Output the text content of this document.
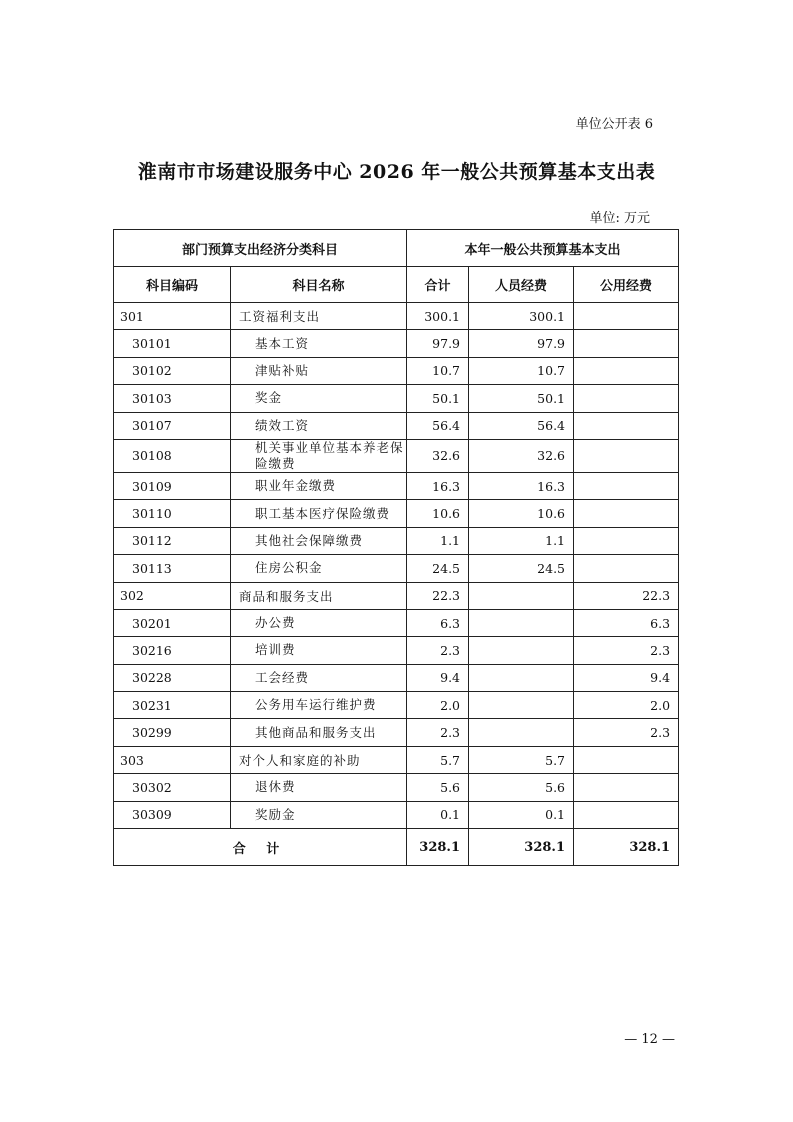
单位公开表 6
淮南市市场建设服务中心 2026 年一般公共预算基本支出表
单位: 万元
部门预算支出经济分类科目		本年一般公共预算基本支出		
科目编码	科目名称	合计	人员经费	公用经费
301	工资福利支出	300.1	300.1	
30101	基本工资	97.9	97.9	
30102	津贴补贴	10.7	10.7	
30103	奖金	50.1	50.1	
30107	绩效工资	56.4	56.4	
30108	机关事业单位基本养老保险缴费	32.6	32.6	
30109	职业年金缴费	16.3	16.3	
30110	职工基本医疗保险缴费	10.6	10.6	
30112	其他社会保障缴费	1.1	1.1	
30113	住房公积金	24.5	24.5	
302	商品和服务支出	22.3		22.3
30201	办公费	6.3		6.3
30216	培训费	2.3		2.3
30228	工会经费	9.4		9.4
30231	公务用车运行维护费	2.0		2.0
30299	其他商品和服务支出	2.3		2.3
303	对个人和家庭的补助	5.7	5.7	
30302	退休费	5.6	5.6	
30309	奖励金	0.1	0.1	
合 计		328.1	328.1	328.1
— 12 —
